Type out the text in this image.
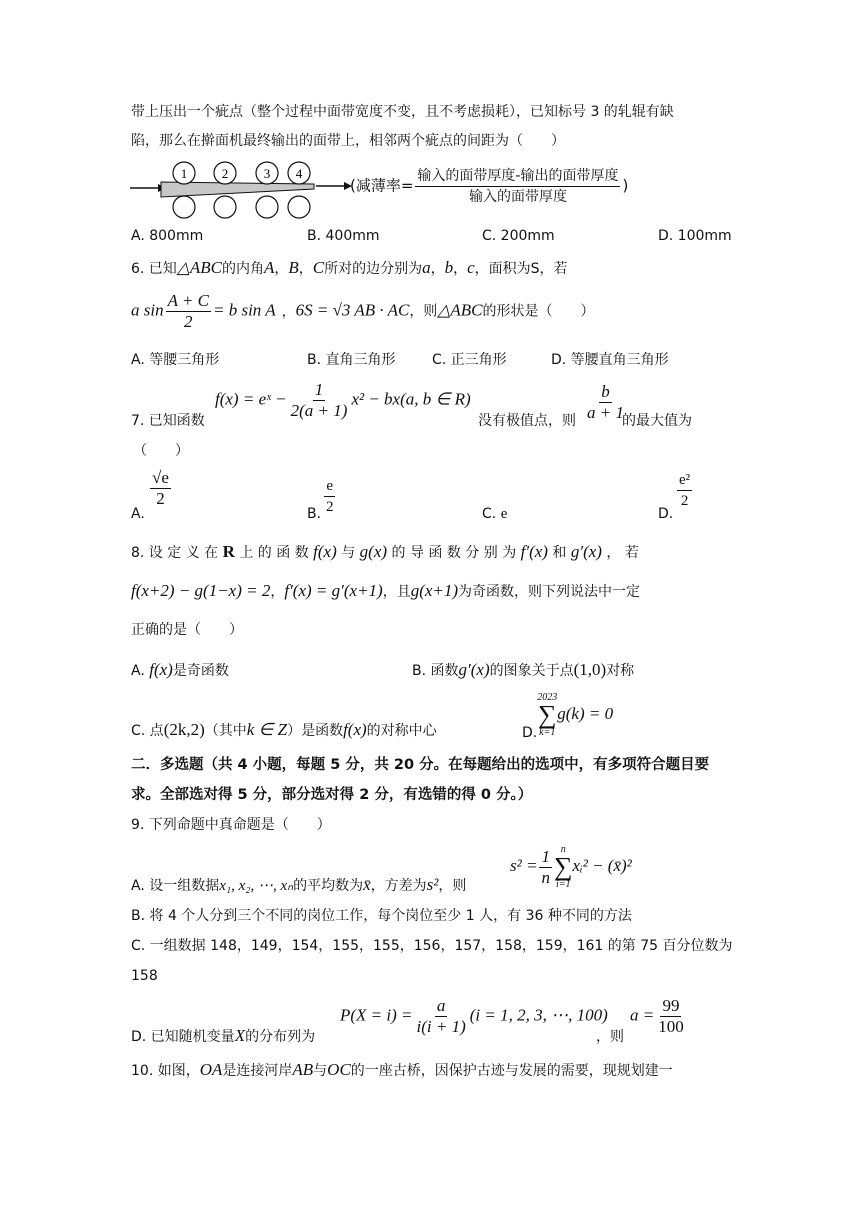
带上压出一个疵点（整个过程中面带宽度不变，且不考虑损耗），已知标号 3 的轧辊有缺
陷，那么在擀面机最终输出的面带上，相邻两个疵点的间距为（　　）
1	2	3 4
(减薄率= $\frac{\text{输入的面带厚度-输出的面带厚度}}{\text{输入的面带厚度}}$ )
A. 800mm	B. 400mm	C. 200mm	D. 100mm
6. 已知△ABC的内角A，B，C所对的边分别为a，b，c，面积为S，若
a $\sin \frac{A + C}{2} = b$ sin A ，6S = √3 AB · AC，则△ABC的形状是（　　）
A. 等腰三角形	B. 直角三角形	C. 正三角形	D. 等腰直角三角形
7. 已知函数
f(x) = eˣ − $\frac{1}{2(a + 1)} x^2 - bx(a$, b ∈ R)
没有极值点，则 $\frac{b}{a + 1}$
的最大值为
（　　）
A.
$\frac{√e}{2}$
B. $\frac{e}{2}$	C. e	D.
$\frac{\text{e²}}{2}$
8. 设 定 义 在 R 上 的 函 数 f(x) 与 g(x) 的 导 函 数 分 别 为 f′(x) 和 g′(x) ， 若
f(x+2) − g(1−x) = 2，f′(x) = g′(x+1)，且g(x+1)为奇函数，则下列说法中一定
正确的是（　　）
A. f(x)是奇函数	B. 函数g′(x)的图象关于点(1,0)对称
C. 点(2k,2)（其中k ∈ Z）是函数f(x)的对称中心	D.
2023
∑
k=1
g(k) = 0
二．多选题（共 4 小题，每题 5 分，共 20 分。在每题给出的选项中，有多项符合题目要
求。全部选对得 5 分，部分选对得 2 分，有选错的得 0 分。）
9. 下列命题中真命题是（　　）
A. 设一组数据x₁, x₂, ⋯, xₙ的平均数为x̄，方差为s²，则
$s^2 = \frac{1}{n}$ n
∑
i=1
xᵢ² − (x̄)²
B. 将 4 个人分到三个不同的岗位工作，每个岗位至少 1 人，有 36 种不同的方法
C. 一组数据 148，149，154，155，155，156，157，158，159，161 的第 75 百分位数为
158
D. 已知随机变量X的分布列为
$P(X = i) = \frac{a}{i(i + 1)} (i = 1$, 2, 3, ⋯, 100)
，则
$a = \frac{99}{100}$
10. 如图，OA是连接河岸AB与OC的一座古桥，因保护古迹与发展的需要，现规划建一
